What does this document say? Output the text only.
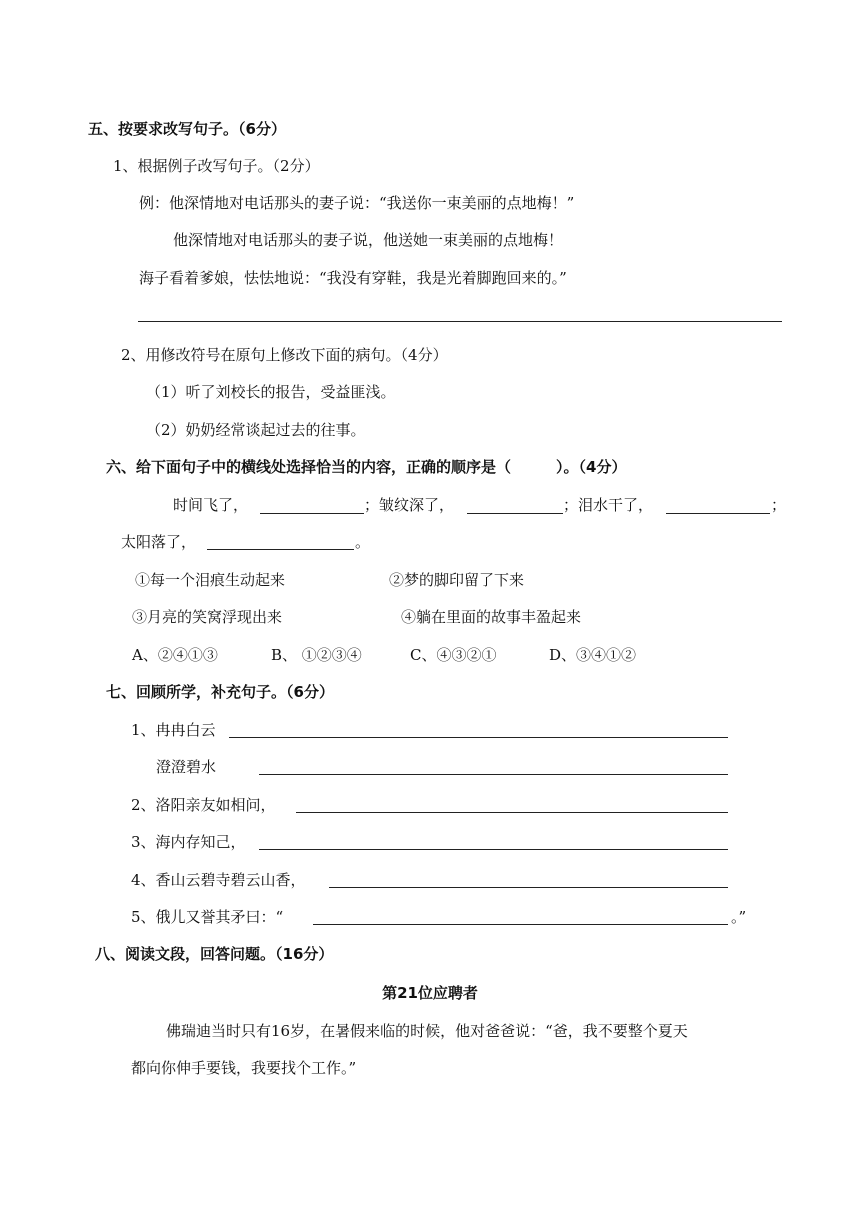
五、按要求改写句子。（6分）
1、根据例子改写句子。（2分）
例：他深情地对电话那头的妻子说：“我送你一束美丽的点地梅！”
他深情地对电话那头的妻子说，他送她一束美丽的点地梅！
海子看着爹娘，怯怯地说：“我没有穿鞋，我是光着脚跑回来的。”
2、用修改符号在原句上修改下面的病句。（4分）
（1）听了刘校长的报告，受益匪浅。
（2）奶奶经常谈起过去的往事。
六、给下面句子中的横线处选择恰当的内容，正确的顺序是（　　　）。（4分）
时间飞了，	；皱纹深了，	；泪水干了，	；
太阳落了，	。
①每一个泪痕生动起来	②梦的脚印留了下来
③月亮的笑窝浮现出来	④躺在里面的故事丰盈起来
A、②④①③	B、 ①②③④	C、④③②①	D、③④①②
七、回顾所学，补充句子。（6分）
1、冉冉白云
澄澄碧水
2、洛阳亲友如相问，
3、海内存知己，
4、香山云碧寺碧云山香，
5、俄儿又誉其矛曰：“	。”
八、阅读文段，回答问题。（16分）
第21位应聘者
佛瑞迪当时只有16岁，在暑假来临的时候，他对爸爸说：“爸，我不要整个夏天
都向你伸手要钱，我要找个工作。”
